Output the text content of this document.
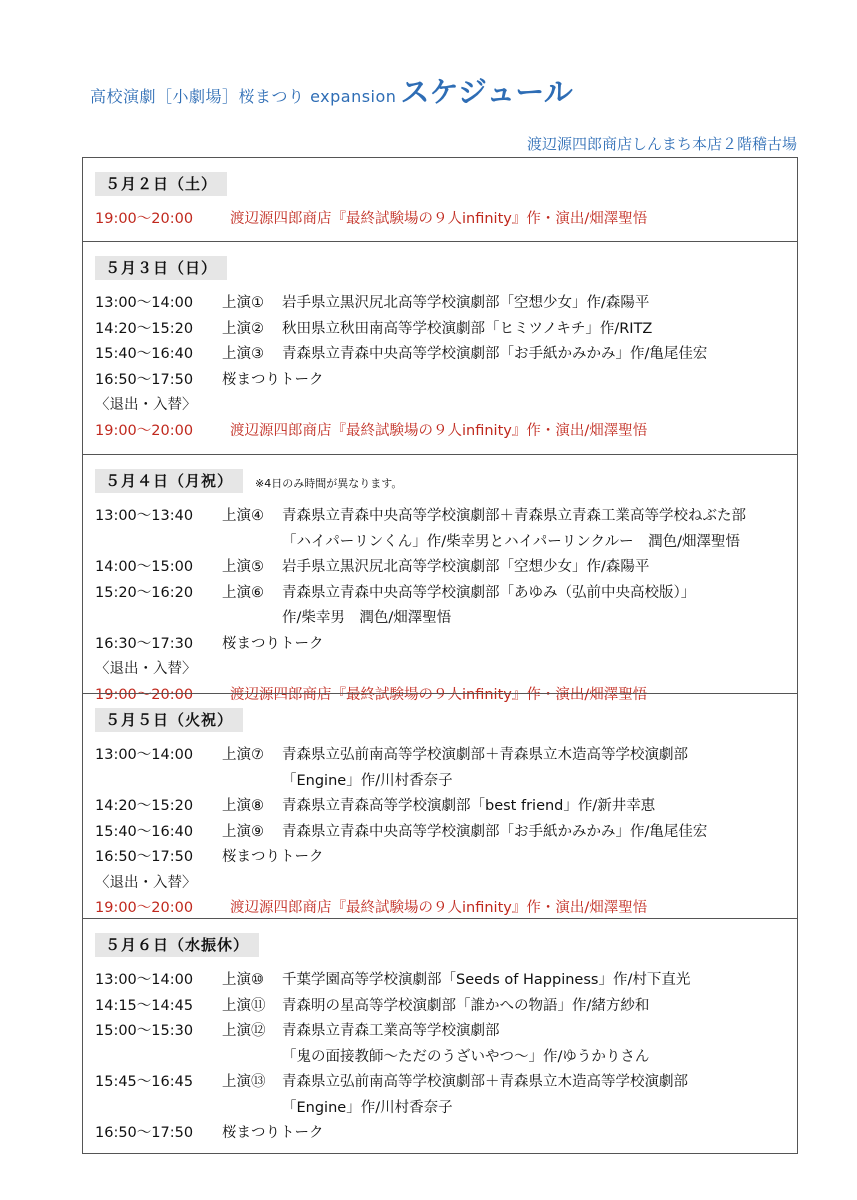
高校演劇［小劇場］桜まつり expansion スケジュール
渡辺源四郎商店しんまち本店２階稽古場
５月２日（土）
19:00～20:00	渡辺源四郎商店『最終試験場の９人infinity』作・演出/畑澤聖悟
５月３日（日）
13:00～14:00 上演① 岩手県立黒沢尻北高等学校演劇部「空想少女」作/森陽平
14:20～15:20 上演② 秋田県立秋田南高等学校演劇部「ヒミツノキチ」作/RITZ
15:40～16:40 上演③ 青森県立青森中央高等学校演劇部「お手紙かみかみ」作/亀尾佳宏
16:50～17:50 桜まつりトーク
〈退出・入替〉
19:00～20:00	渡辺源四郎商店『最終試験場の９人infinity』作・演出/畑澤聖悟
５月４日（月祝）	※4日のみ時間が異なります。
13:00～13:40 上演④ 青森県立青森中央高等学校演劇部＋青森県立青森工業高等学校ねぶた部
「ハイパーリンくん」作/柴幸男とハイパーリンクルー　潤色/畑澤聖悟
14:00～15:00 上演⑤ 岩手県立黒沢尻北高等学校演劇部「空想少女」作/森陽平
15:20～16:20 上演⑥ 青森県立青森中央高等学校演劇部「あゆみ（弘前中央高校版）」
作/柴幸男　潤色/畑澤聖悟
16:30～17:30 桜まつりトーク
〈退出・入替〉
19:00～20:00	渡辺源四郎商店『最終試験場の９人infinity』作・演出/畑澤聖悟
５月５日（火祝）
13:00～14:00 上演⑦ 青森県立弘前南高等学校演劇部＋青森県立木造高等学校演劇部
「Engine」作/川村香奈子
14:20～15:20 上演⑧ 青森県立青森高等学校演劇部「best friend」作/新井幸恵
15:40～16:40 上演⑨ 青森県立青森中央高等学校演劇部「お手紙かみかみ」作/亀尾佳宏
16:50～17:50 桜まつりトーク
〈退出・入替〉
19:00～20:00	渡辺源四郎商店『最終試験場の９人infinity』作・演出/畑澤聖悟
５月６日（水振休）
13:00～14:00 上演⑩ 千葉学園高等学校演劇部「Seeds of Happiness」作/村下直光
14:15～14:45 上演⑪ 青森明の星高等学校演劇部「誰かへの物語」作/緒方紗和
15:00～15:30 上演⑫ 青森県立青森工業高等学校演劇部
「鬼の面接教師～ただのうざいやつ～」作/ゆうかりさん
15:45～16:45 上演⑬ 青森県立弘前南高等学校演劇部＋青森県立木造高等学校演劇部
「Engine」作/川村香奈子
16:50～17:50 桜まつりトーク
